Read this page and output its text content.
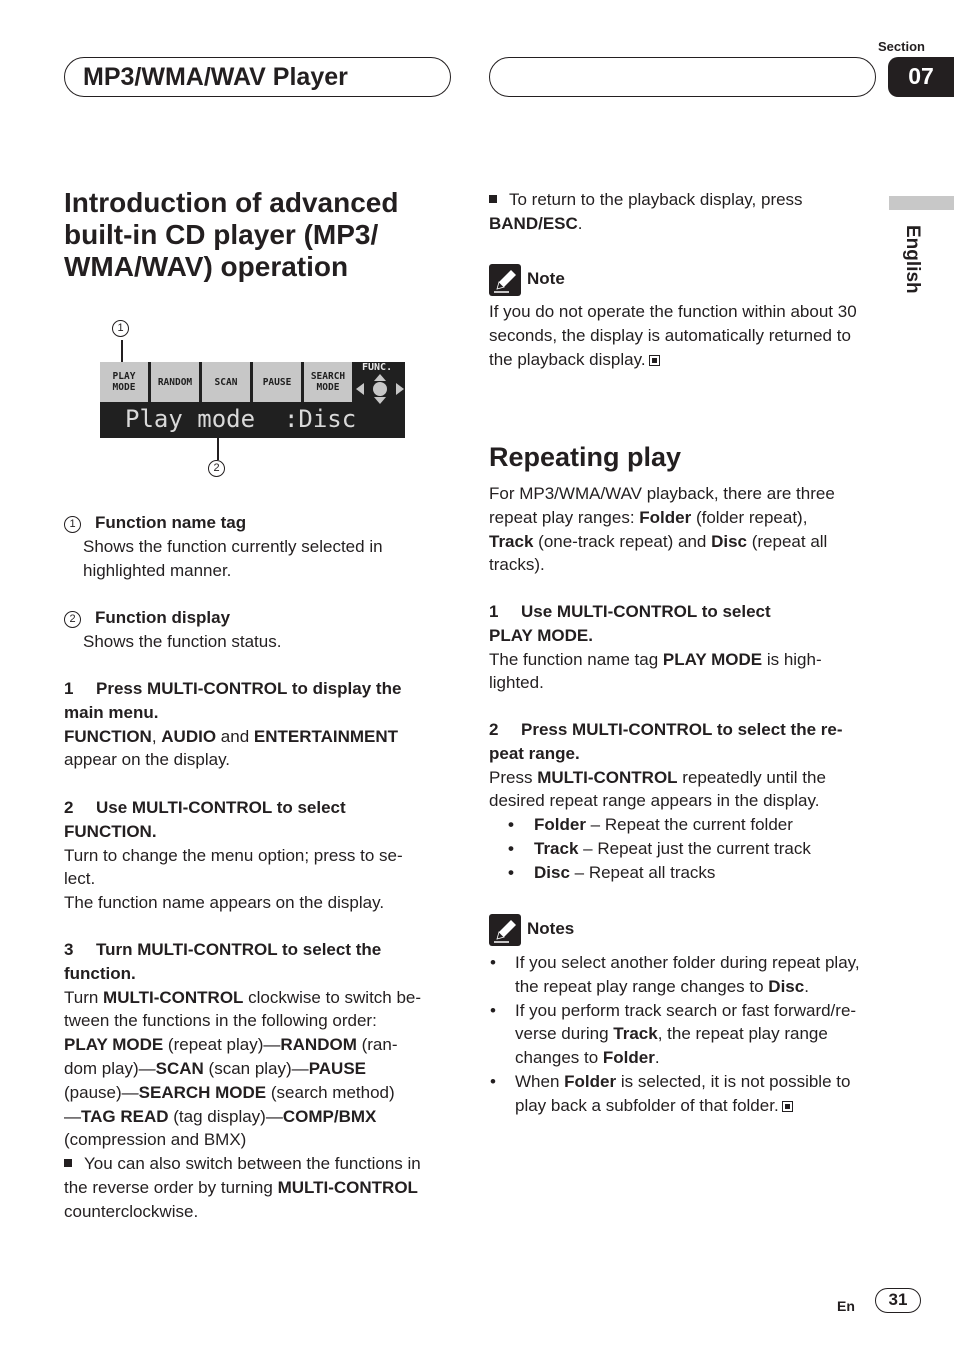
MP3/WMA/WAV Player
Section
07
English
Introduction of advanced
built-in CD player (MP3/
WMA/WAV) operation
1
PLAY MODE	RANDOM	SCAN	PAUSE	SEARCH MODE
FUNC.
Play mode  :Disc
2
1 Function name tag
Shows the function currently selected in
highlighted manner.
2 Function display
Shows the function status.
1 Press MULTI-CONTROL to display the
main menu.
FUNCTION, AUDIO and ENTERTAINMENT
appear on the display.
2 Use MULTI-CONTROL to select
FUNCTION.
Turn to change the menu option; press to se-
lect.
The function name appears on the display.
3 Turn MULTI-CONTROL to select the
function.
Turn MULTI-CONTROL clockwise to switch be-
tween the functions in the following order:
PLAY MODE (repeat play)—RANDOM (ran-
dom play)—SCAN (scan play)—PAUSE
(pause)—SEARCH MODE (search method)
—TAG READ (tag display)—COMP/BMX
(compression and BMX)
You can also switch between the functions in
the reverse order by turning MULTI-CONTROL
counterclockwise.
To return to the playback display, press
BAND/ESC.
Note
If you do not operate the function within about 30
seconds, the display is automatically returned to
the playback display.
Repeating play
For MP3/WMA/WAV playback, there are three
repeat play ranges: Folder (folder repeat),
Track (one-track repeat) and Disc (repeat all
tracks).
1 Use MULTI-CONTROL to select
PLAY MODE.
The function name tag PLAY MODE is high-
lighted.
2 Press MULTI-CONTROL to select the re-
peat range.
Press MULTI-CONTROL repeatedly until the
desired repeat range appears in the display.
• Folder – Repeat the current folder
• Track – Repeat just the current track
• Disc – Repeat all tracks
Notes
• If you select another folder during repeat play,
the repeat play range changes to Disc.
• If you perform track search or fast forward/re-
verse during Track, the repeat play range
changes to Folder.
• When Folder is selected, it is not possible to
play back a subfolder of that folder.
En	31
